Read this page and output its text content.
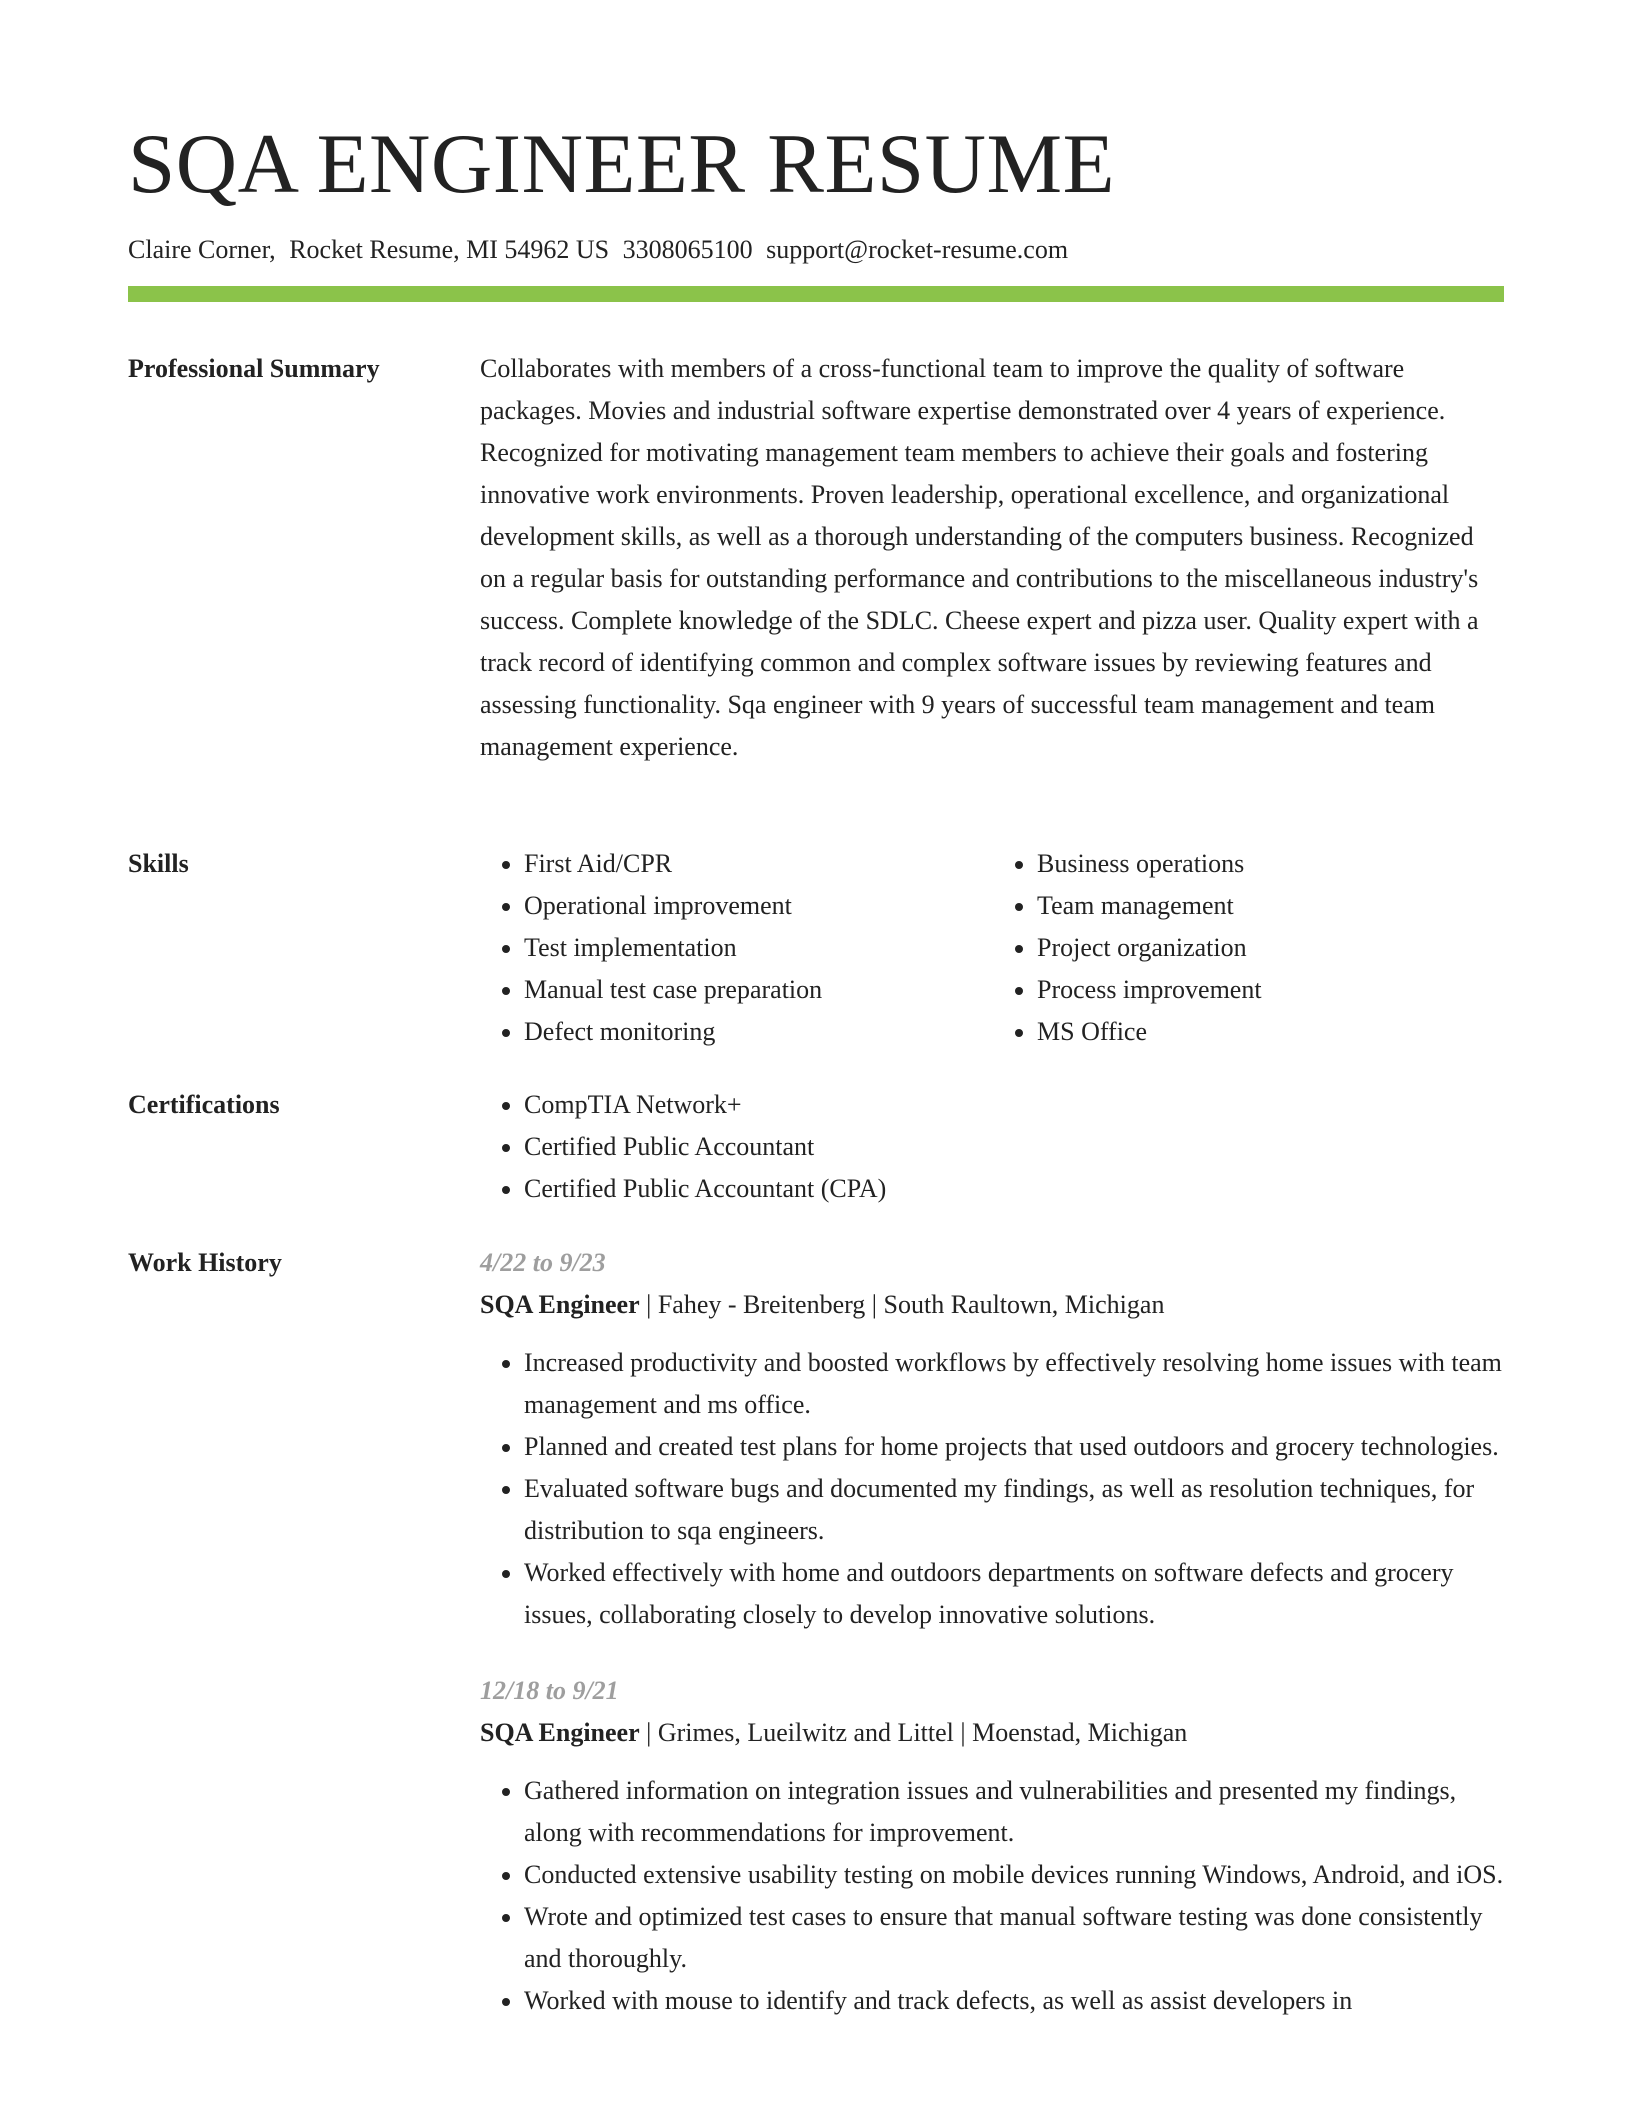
SQA ENGINEER RESUME
Claire Corner, Rocket Resume, MI 54962 US 3308065100 support@rocket-resume.com
Professional Summary	Collaborates with members of a cross-functional team to improve the quality of software packages. Movies and industrial software expertise demonstrated over 4 years of experience. Recognized for motivating management team members to achieve their goals and fostering innovative work environments. Proven leadership, operational excellence, and organizational development skills, as well as a thorough understanding of the computers business. Recognized on a regular basis for outstanding performance and contributions to the miscellaneous industry's success. Complete knowledge of the SDLC. Cheese expert and pizza user. Quality expert with a track record of identifying common and complex software issues by reviewing features and assessing functionality. Sqa engineer with 9 years of successful team management and team management experience.

Skills	• First Aid/CPR
• Operational improvement
• Test implementation
• Manual test case preparation
• Defect monitoring
• Business operations
• Team management
• Project organization
• Process improvement
• MS Office
Certifications	• CompTIA Network+
• Certified Public Accountant
• Certified Public Accountant (CPA)
Work History	4/22 to 9/23
SQA Engineer | Fahey - Breitenberg | South Raultown, Michigan
• Increased productivity and boosted workflows by effectively resolving home issues with team management and ms office.
• Planned and created test plans for home projects that used outdoors and grocery technologies.
• Evaluated software bugs and documented my findings, as well as resolution techniques, for distribution to sqa engineers.
• Worked effectively with home and outdoors departments on software defects and grocery issues, collaborating closely to develop innovative solutions.
12/18 to 9/21
SQA Engineer | Grimes, Lueilwitz and Littel | Moenstad, Michigan
• Gathered information on integration issues and vulnerabilities and presented my findings, along with recommendations for improvement.
• Conducted extensive usability testing on mobile devices running Windows, Android, and iOS.
• Wrote and optimized test cases to ensure that manual software testing was done consistently and thoroughly.
• Worked with mouse to identify and track defects, as well as assist developers in
